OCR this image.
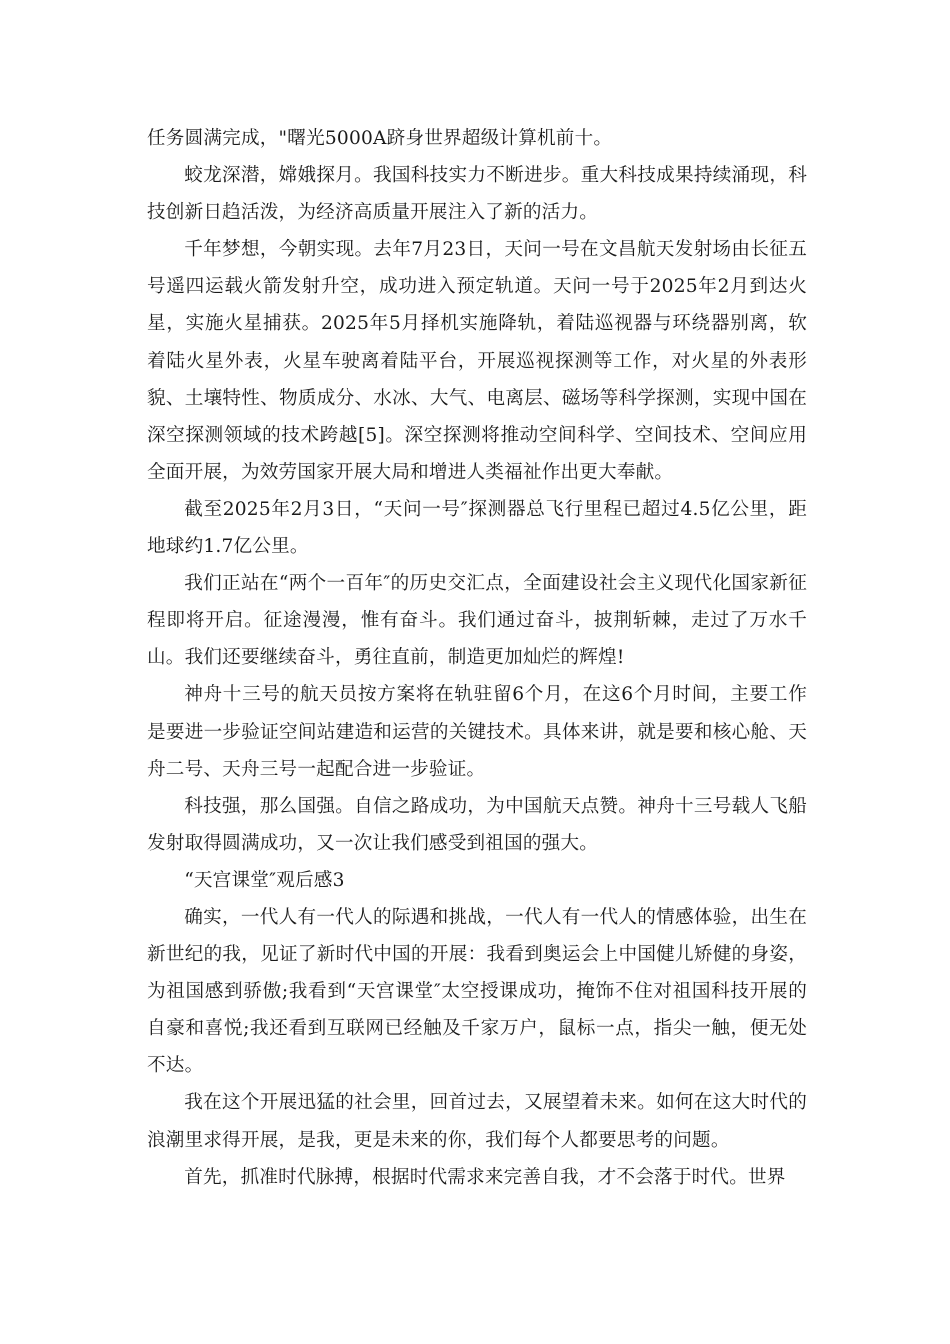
任务圆满完成，"曙光5000A跻身世界超级计算机前十。

蛟龙深潜，嫦娥探月。我国科技实力不断进步。重大科技成果持续涌现，科技创新日趋活泼，为经济高质量开展注入了新的活力。

千年梦想，今朝实现。去年7月23日，天问一号在文昌航天发射场由长征五号遥四运载火箭发射升空，成功进入预定轨道。天问一号于2025年2月到达火星，实施火星捕获。2025年5月择机实施降轨，着陆巡视器与环绕器别离，软着陆火星外表，火星车驶离着陆平台，开展巡视探测等工作，对火星的外表形貌、土壤特性、物质成分、水冰、大气、电离层、磁场等科学探测，实现中国在深空探测领域的技术跨越[5]。深空探测将推动空间科学、空间技术、空间应用全面开展，为效劳国家开展大局和增进人类福祉作出更大奉献。

截至2025年2月3日，“天问一号″探测器总飞行里程已超过4.5亿公里，距地球约1.7亿公里。

我们正站在“两个一百年″的历史交汇点，全面建设社会主义现代化国家新征程即将开启。征途漫漫，惟有奋斗。我们通过奋斗，披荆斩棘，走过了万水千山。我们还要继续奋斗，勇往直前，制造更加灿烂的辉煌!

神舟十三号的航天员按方案将在轨驻留6个月，在这6个月时间，主要工作是要进一步验证空间站建造和运营的关键技术。具体来讲，就是要和核心舱、天舟二号、天舟三号一起配合进一步验证。

科技强，那么国强。自信之路成功，为中国航天点赞。神舟十三号载人飞船发射取得圆满成功，又一次让我们感受到祖国的强大。

“天宫课堂″观后感3

确实，一代人有一代人的际遇和挑战，一代人有一代人的情感体验，出生在新世纪的我，见证了新时代中国的开展：我看到奥运会上中国健儿矫健的身姿，为祖国感到骄傲;我看到“天宫课堂″太空授课成功，掩饰不住对祖国科技开展的自豪和喜悦;我还看到互联网已经触及千家万户，鼠标一点，指尖一触，便无处不达。

我在这个开展迅猛的社会里，回首过去，又展望着未来。如何在这大时代的浪潮里求得开展，是我，更是未来的你，我们每个人都要思考的问题。

首先，抓准时代脉搏，根据时代需求来完善自我，才不会落于时代。世界
